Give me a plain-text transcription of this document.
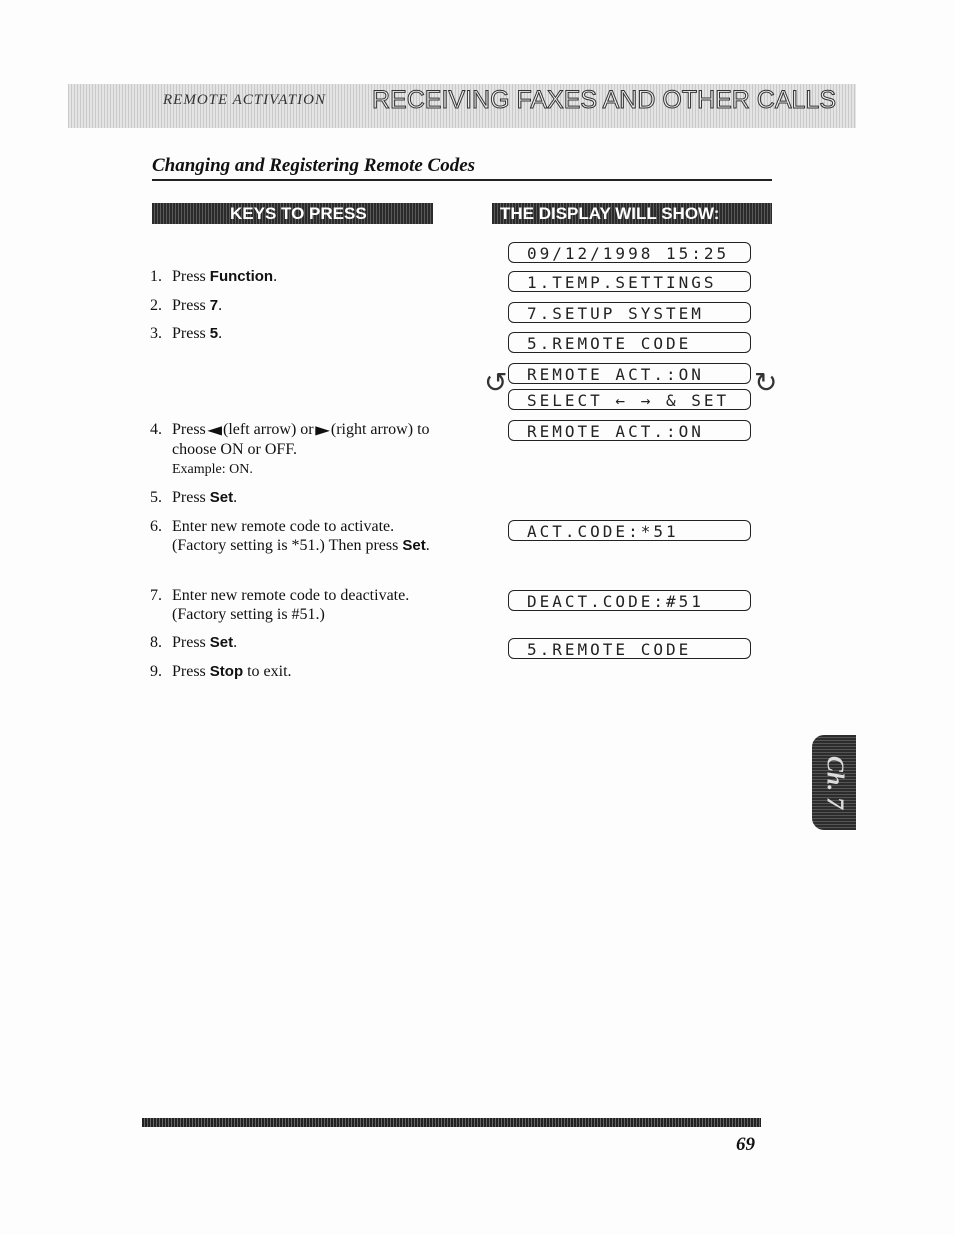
REMOTE ACTIVATION RECEIVING FAXES AND OTHER CALLS
Changing and Registering Remote Codes
KEYS TO PRESS	THE DISPLAY WILL SHOW:
1. Press Function.
2. Press 7.
3. Press 5.
4. Press◀(left arrow) or▶(right arrow) to choose ON or OFF.
Example: ON.
5. Press Set.
6. Enter new remote code to activate. (Factory setting is *51.) Then press Set.
7. Enter new remote code to deactivate. (Factory setting is #51.)
8. Press Set.
9. Press Stop to exit.
09/12/1998 15:25
1.TEMP.SETTINGS
7.SETUP SYSTEM
5.REMOTE CODE
REMOTE ACT.:ON
SELECT ← → & SET
↺	↻
REMOTE ACT.:ON
ACT.CODE:*51
DEACT.CODE:#51
5.REMOTE CODE
Ch. 7
69
